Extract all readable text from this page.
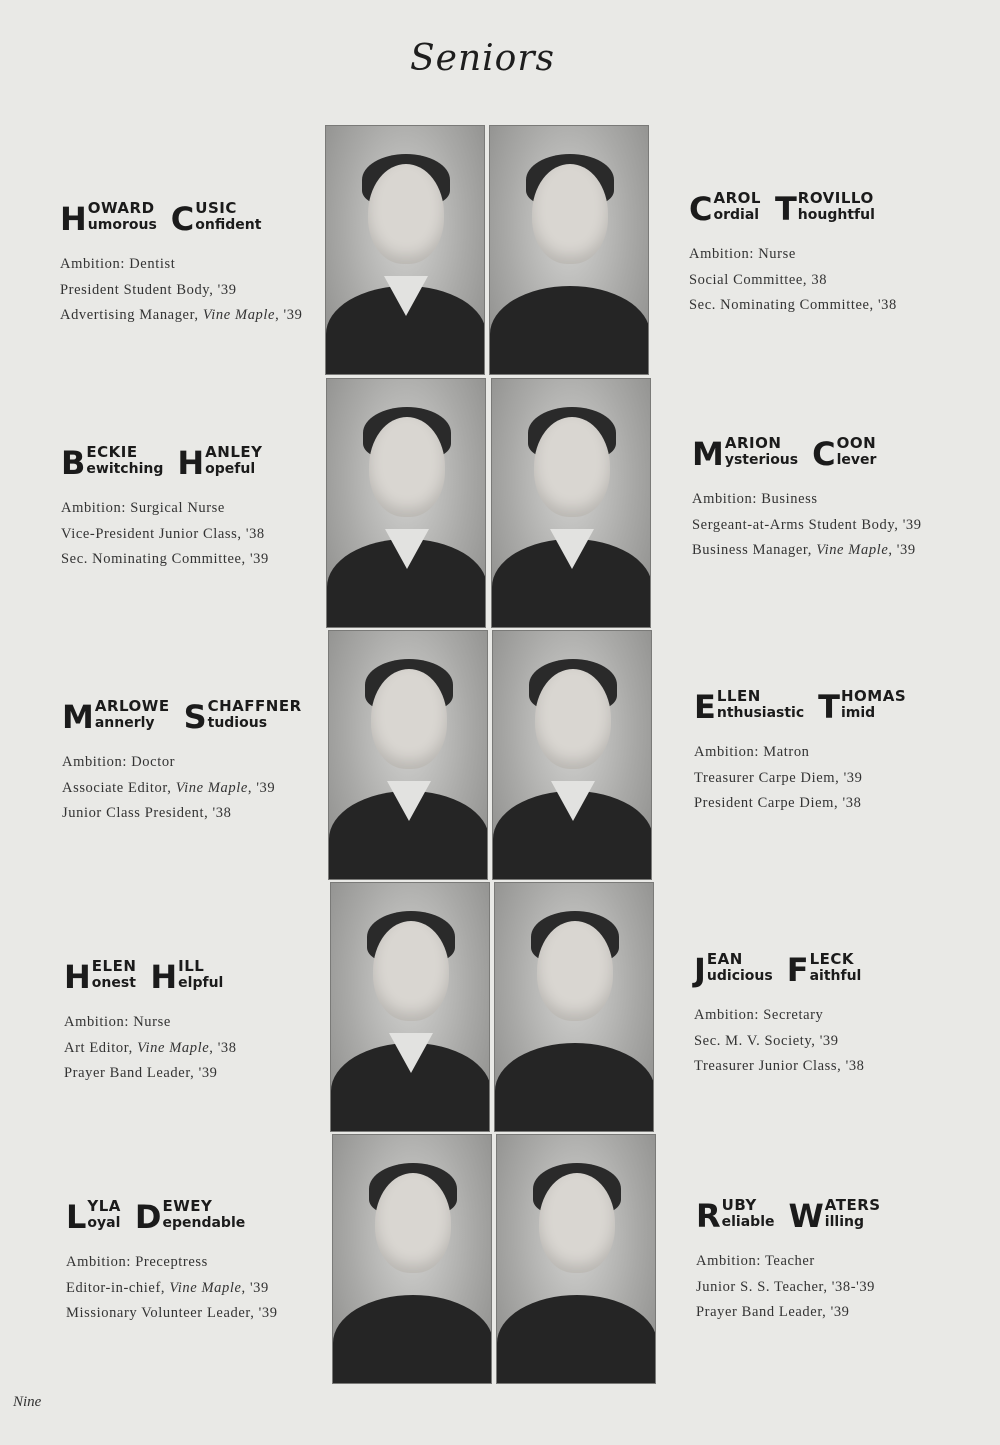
Seniors
H OWARD
umorous C USIC
onfident
Ambition: Dentist
President Student Body, '39
Advertising Manager, Vine Maple, '39
C AROL
ordial T ROVILLO
houghtful
Ambition: Nurse
Social Committee, 38
Sec. Nominating Committee, '38
B ECKIE
ewitching H ANLEY
opeful
Ambition: Surgical Nurse
Vice-President Junior Class, '38
Sec. Nominating Committee, '39
M ARION
ysterious C OON
lever
Ambition: Business
Sergeant-at-Arms Student Body, '39
Business Manager, Vine Maple, '39
M ARLOWE
annerly S CHAFFNER
tudious
Ambition: Doctor
Associate Editor, Vine Maple, '39
Junior Class President, '38
E LLEN
nthusiastic T HOMAS
imid
Ambition: Matron
Treasurer Carpe Diem, '39
President Carpe Diem, '38
H ELEN
onest H ILL
elpful
Ambition: Nurse
Art Editor, Vine Maple, '38
Prayer Band Leader, '39
J EAN
udicious F LECK
aithful
Ambition: Secretary
Sec. M. V. Society, '39
Treasurer Junior Class, '38
L YLA
oyal D EWEY
ependable
Ambition: Preceptress
Editor-in-chief, Vine Maple, '39
Missionary Volunteer Leader, '39
R UBY
eliable W ATERS
illing
Ambition: Teacher
Junior S. S. Teacher, '38-'39
Prayer Band Leader, '39
Nine
